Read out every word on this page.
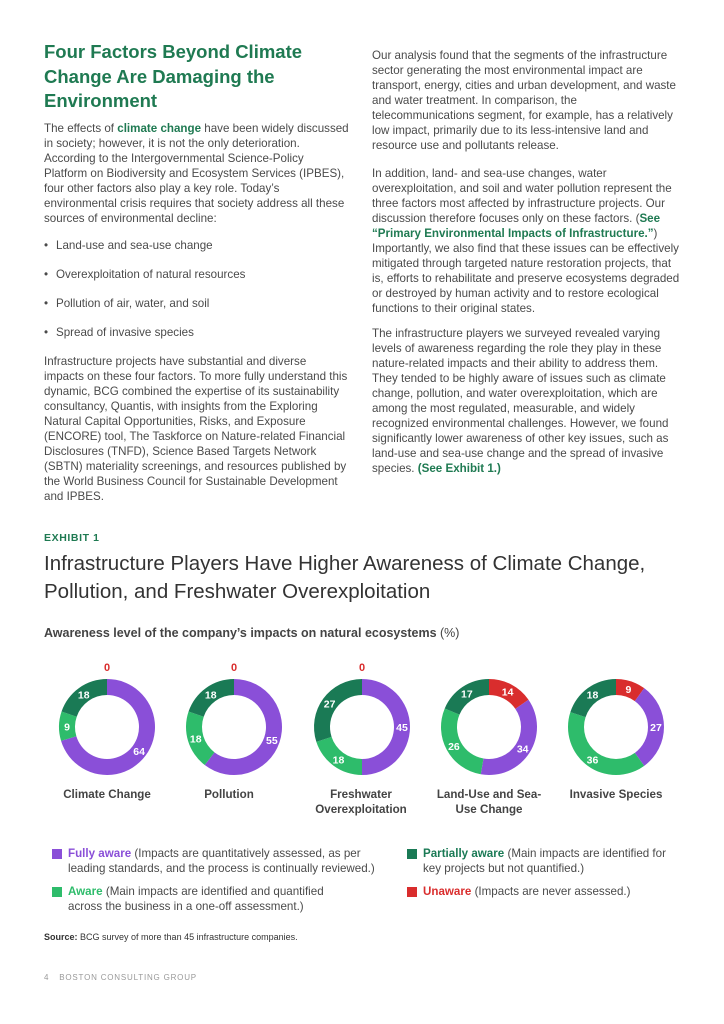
Four Factors Beyond Climate Change Are Damaging the Environment

The effects of climate change have been widely discussed in society; however, it is not the only deterioration. According to the Intergovernmental Science-Policy Platform on Biodiversity and Ecosystem Services (IPBES), four other factors also play a key role. Today’s environmental crisis requires that society address all these sources of environmental decline:

• Land-use and sea-use change
• Overexploitation of natural resources
• Pollution of air, water, and soil
• Spread of invasive species

Infrastructure projects have substantial and diverse impacts on these four factors. To more fully understand this dynamic, BCG combined the expertise of its sustainability consultancy, Quantis, with insights from the Exploring Natural Capital Opportunities, Risks, and Exposure (ENCORE) tool, The Taskforce on Nature-related Financial Disclosures (TNFD), Science Based Targets Network (SBTN) materiality screenings, and resources published by the World Business Council for Sustainable Development and IPBES.

Our analysis found that the segments of the infrastructure sector generating the most environmental impact are transport, energy, cities and urban development, and waste and water treatment. In comparison, the telecommunications segment, for example, has a relatively low impact, primarily due to its less-intensive land and resource use and pollutants release.

In addition, land- and sea-use changes, water overexploitation, and soil and water pollution represent the three factors most affected by infrastructure projects. Our discussion therefore focuses only on these factors. (See “Primary Environmental Impacts of Infrastructure.”) Importantly, we also find that these issues can be effectively mitigated through targeted nature restoration projects, that is, efforts to rehabilitate and preserve ecosystems degraded or destroyed by human activity and to restore ecological functions to their original states.

The infrastructure players we surveyed revealed varying levels of awareness regarding the role they play in these nature-related impacts and their ability to address them. They tended to be highly aware of issues such as climate change, pollution, and water overexploitation, which are among the most regulated, measurable, and widely recognized environmental challenges. However, we found significantly lower awareness of other key issues, such as land-use and sea-use change and the spread of invasive species. (See Exhibit 1.)

EXHIBIT 1
Infrastructure Players Have Higher Awareness of Climate Change, Pollution, and Freshwater Overexploitation
Awareness level of the company’s impacts on natural ecosystems (%)
0
64
9
18
0
55
18
18
0
45
18
27
14
34
26
17	9
27
36
18
Climate Change	Pollution	Freshwater Overexploitation
Land-Use and Sea-Use Change
Invasive Species
Fully aware (Impacts are quantitatively assessed, as per leading standards, and the process is continually reviewed.)
Aware (Main impacts are identified and quantified across the business in a one-off assessment.)
Partially aware (Main impacts are identified for key projects but not quantified.)
Unaware (Impacts are never assessed.)
Source: BCG survey of more than 45 infrastructure companies.
4 BOSTON CONSULTING GROUP
